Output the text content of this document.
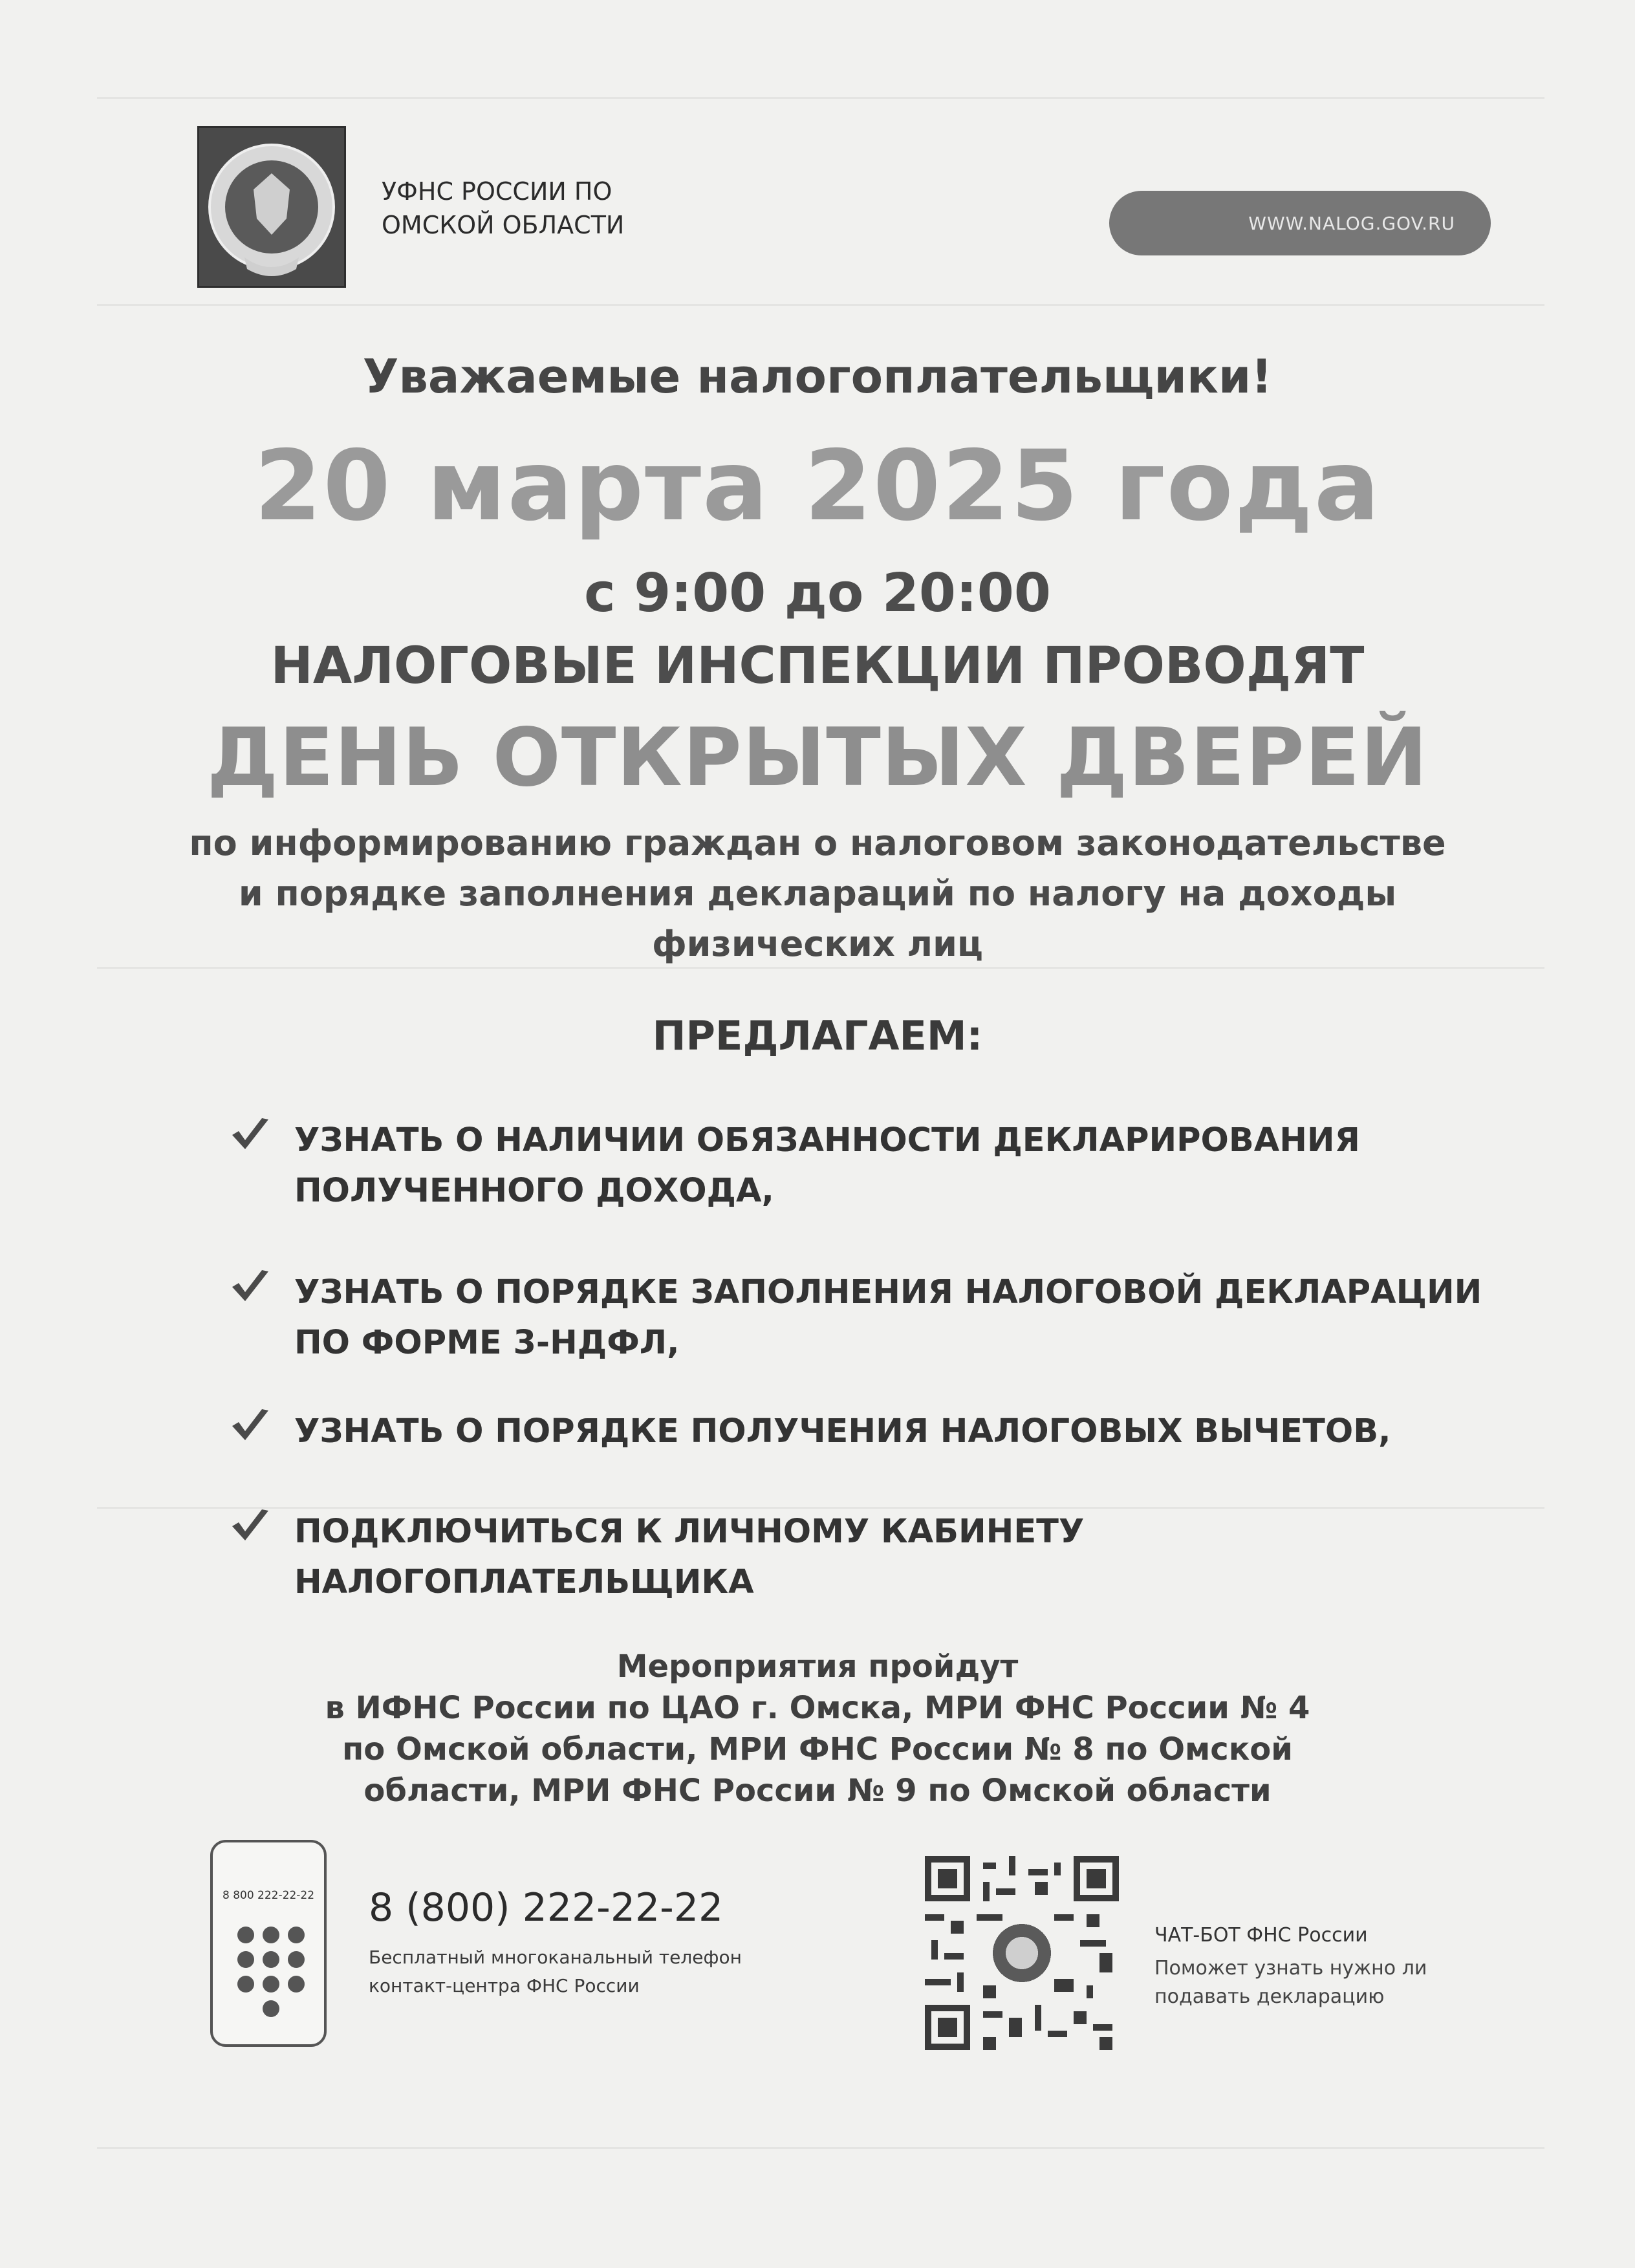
УФНС РОССИИ ПО
ОМСКОЙ ОБЛАСТИ	WWW.NALOG.GOV.RU
Уважаемые налогоплательщики!
20 марта 2025 года
с 9:00 до 20:00
НАЛОГОВЫЕ ИНСПЕКЦИИ ПРОВОДЯТ
ДЕНЬ ОТКРЫТЫХ ДВЕРЕЙ
по информированию граждан о налоговом законодательстве
и порядке заполнения деклараций по налогу на доходы
физических лиц
ПРЕДЛАГАЕМ:
УЗНАТЬ О НАЛИЧИИ ОБЯЗАННОСТИ ДЕКЛАРИРОВАНИЯ
ПОЛУЧЕННОГО ДОХОДА,
УЗНАТЬ О ПОРЯДКЕ ЗАПОЛНЕНИЯ НАЛОГОВОЙ ДЕКЛАРАЦИИ
ПО ФОРМЕ 3-НДФЛ,
УЗНАТЬ О ПОРЯДКЕ ПОЛУЧЕНИЯ НАЛОГОВЫХ ВЫЧЕТОВ,
ПОДКЛЮЧИТЬСЯ К ЛИЧНОМУ КАБИНЕТУ
НАЛОГОПЛАТЕЛЬЩИКА
Мероприятия пройдут
в ИФНС России по ЦАО г. Омска, МРИ ФНС России № 4
по Омской области, МРИ ФНС России № 8 по Омской
области, МРИ ФНС России № 9 по Омской области
8 800 222-22-22 8 (800) 222-22-22
Бесплатный многоканальный телефон
контакт-центра ФНС России
ЧАТ-БОТ ФНС России
Поможет узнать нужно ли
подавать декларацию
